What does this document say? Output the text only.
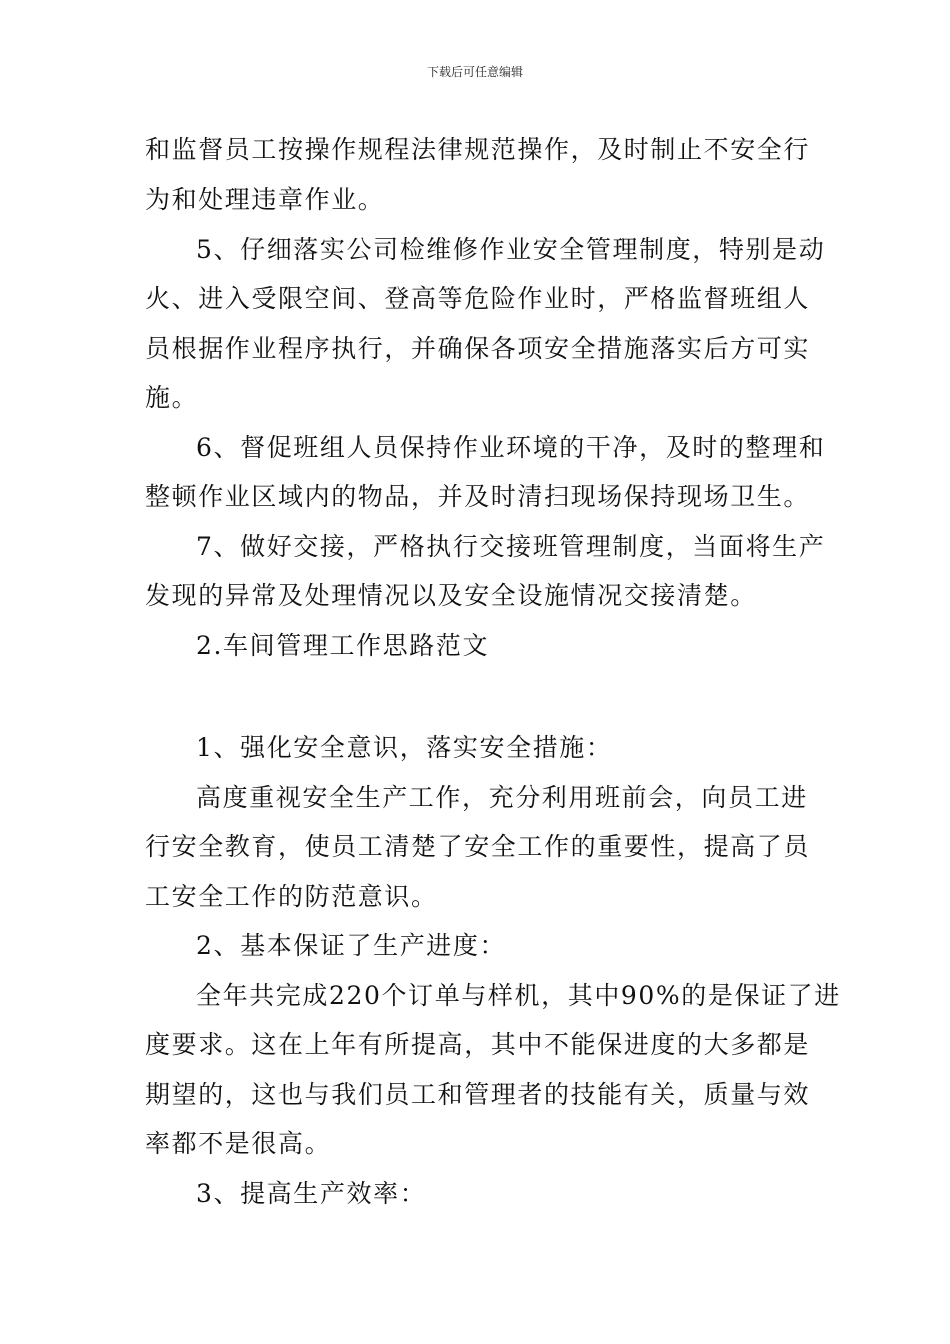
下载后可任意编辑
和监督员工按操作规程法律规范操作，及时制止不安全行
为和处理违章作业。
5、仔细落实公司检维修作业安全管理制度，特别是动
火、进入受限空间、登高等危险作业时，严格监督班组人
员根据作业程序执行，并确保各项安全措施落实后方可实
施。
6、督促班组人员保持作业环境的干净，及时的整理和
整顿作业区域内的物品，并及时清扫现场保持现场卫生。
7、做好交接，严格执行交接班管理制度，当面将生产
发现的异常及处理情况以及安全设施情况交接清楚。
2.车间管理工作思路范文
1、强化安全意识，落实安全措施：
高度重视安全生产工作，充分利用班前会，向员工进
行安全教育，使员工清楚了安全工作的重要性，提高了员
工安全工作的防范意识。
2、基本保证了生产进度：
全年共完成220个订单与样机，其中90%的是保证了进
度要求。这在上年有所提高，其中不能保进度的大多都是
期望的，这也与我们员工和管理者的技能有关，质量与效
率都不是很高。
3、提高生产效率：
